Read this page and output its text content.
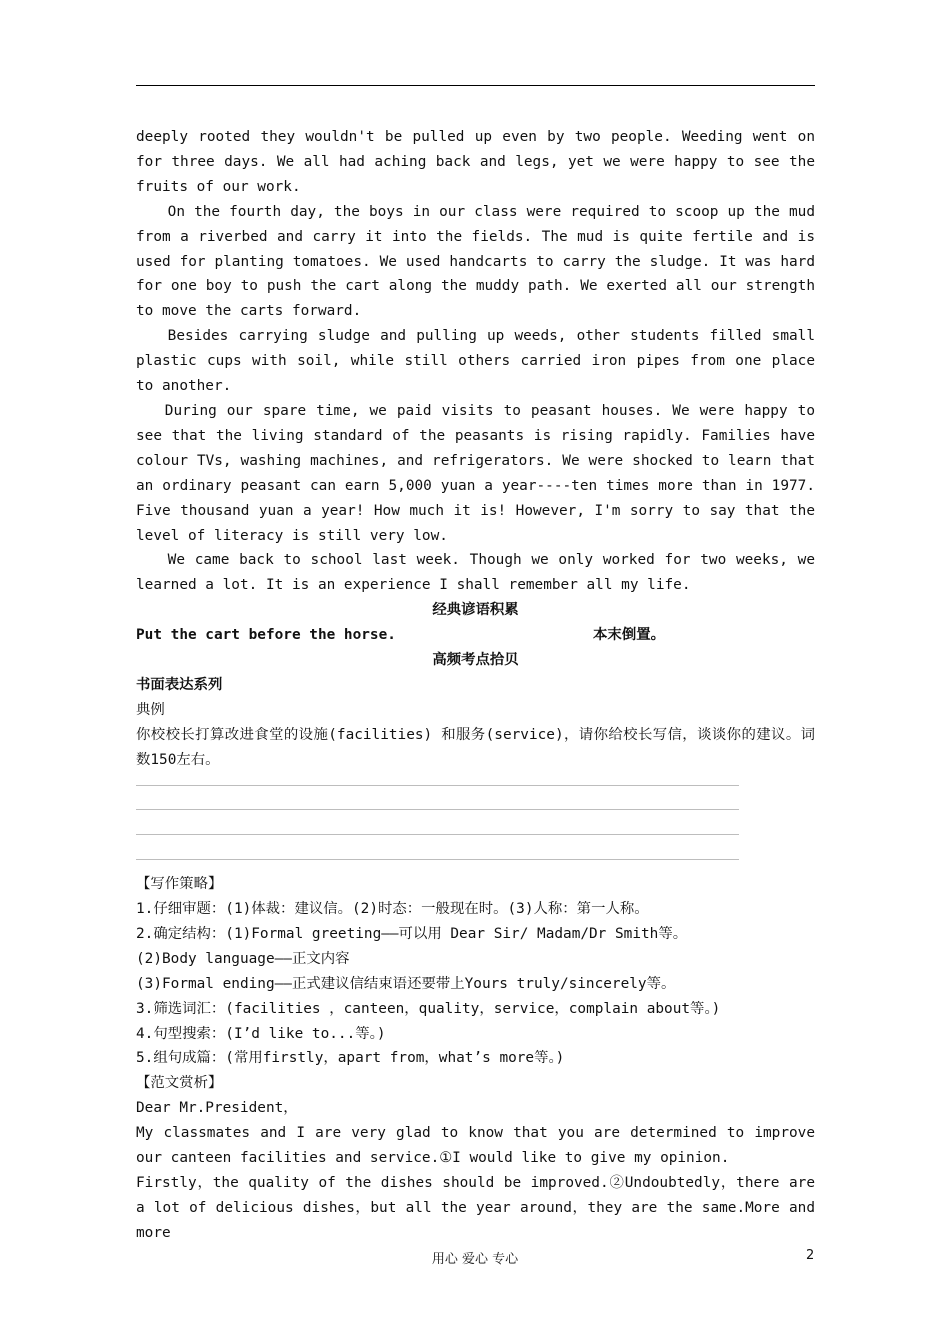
deeply rooted they wouldn't be pulled up even by two people. Weeding went on for three days. We all had aching back and legs, yet we were happy to see the fruits of our work.

On the fourth day, the boys in our class were required to scoop up the mud from a riverbed and carry it into the fields. The mud is quite fertile and is used for planting tomatoes. We used handcarts to carry the sludge. It was hard for one boy to push the cart along the muddy path. We exerted all our strength to move the carts forward.

Besides carrying sludge and pulling up weeds, other students filled small plastic cups with soil, while still others carried iron pipes from one place to another.

During our spare time, we paid visits to peasant houses. We were happy to see that the living standard of the peasants is rising rapidly. Families have colour TVs, washing machines, and refrigerators. We were shocked to learn that an ordinary peasant can earn 5,000 yuan a year----ten times more than in 1977. Five thousand yuan a year! How much it is! However, I'm sorry to say that the level of literacy is still very low.

We came back to school last week. Though we only worked for two weeks, we learned a lot. It is an experience I shall remember all my life.

经典谚语积累

Put the cart before the horse.	本末倒置。

高频考点拾贝

书面表达系列

典例

你校校长打算改进食堂的设施(facilities) 和服务(service)，请你给校长写信，谈谈你的建议。词数150左右。

【写作策略】

1.仔细审题：(1)体裁：建议信。(2)时态：一般现在时。(3)人称：第一人称。

2.确定结构：(1)Formal greeting——可以用 Dear Sir/ Madam/Dr Smith等。

(2)Body language——正文内容

(3)Formal ending——正式建议信结束语还要带上Yours truly/sincerely等。

3.筛选词汇：(facilities ，canteen，quality，service，complain about等。)

4.句型搜索：(I’d like to...等。)

5.组句成篇：(常用firstly，apart from，what’s more等。)

【范文赏析】

Dear Mr.President，

My classmates and I are very glad to know that you are determined to improve our canteen facilities and service.①I would like to give my opinion.

Firstly，the quality of the dishes should be improved.②Undoubtedly，there are a lot of delicious dishes，but all the year around，they are the same.More and more

用心 爱心 专心	2
